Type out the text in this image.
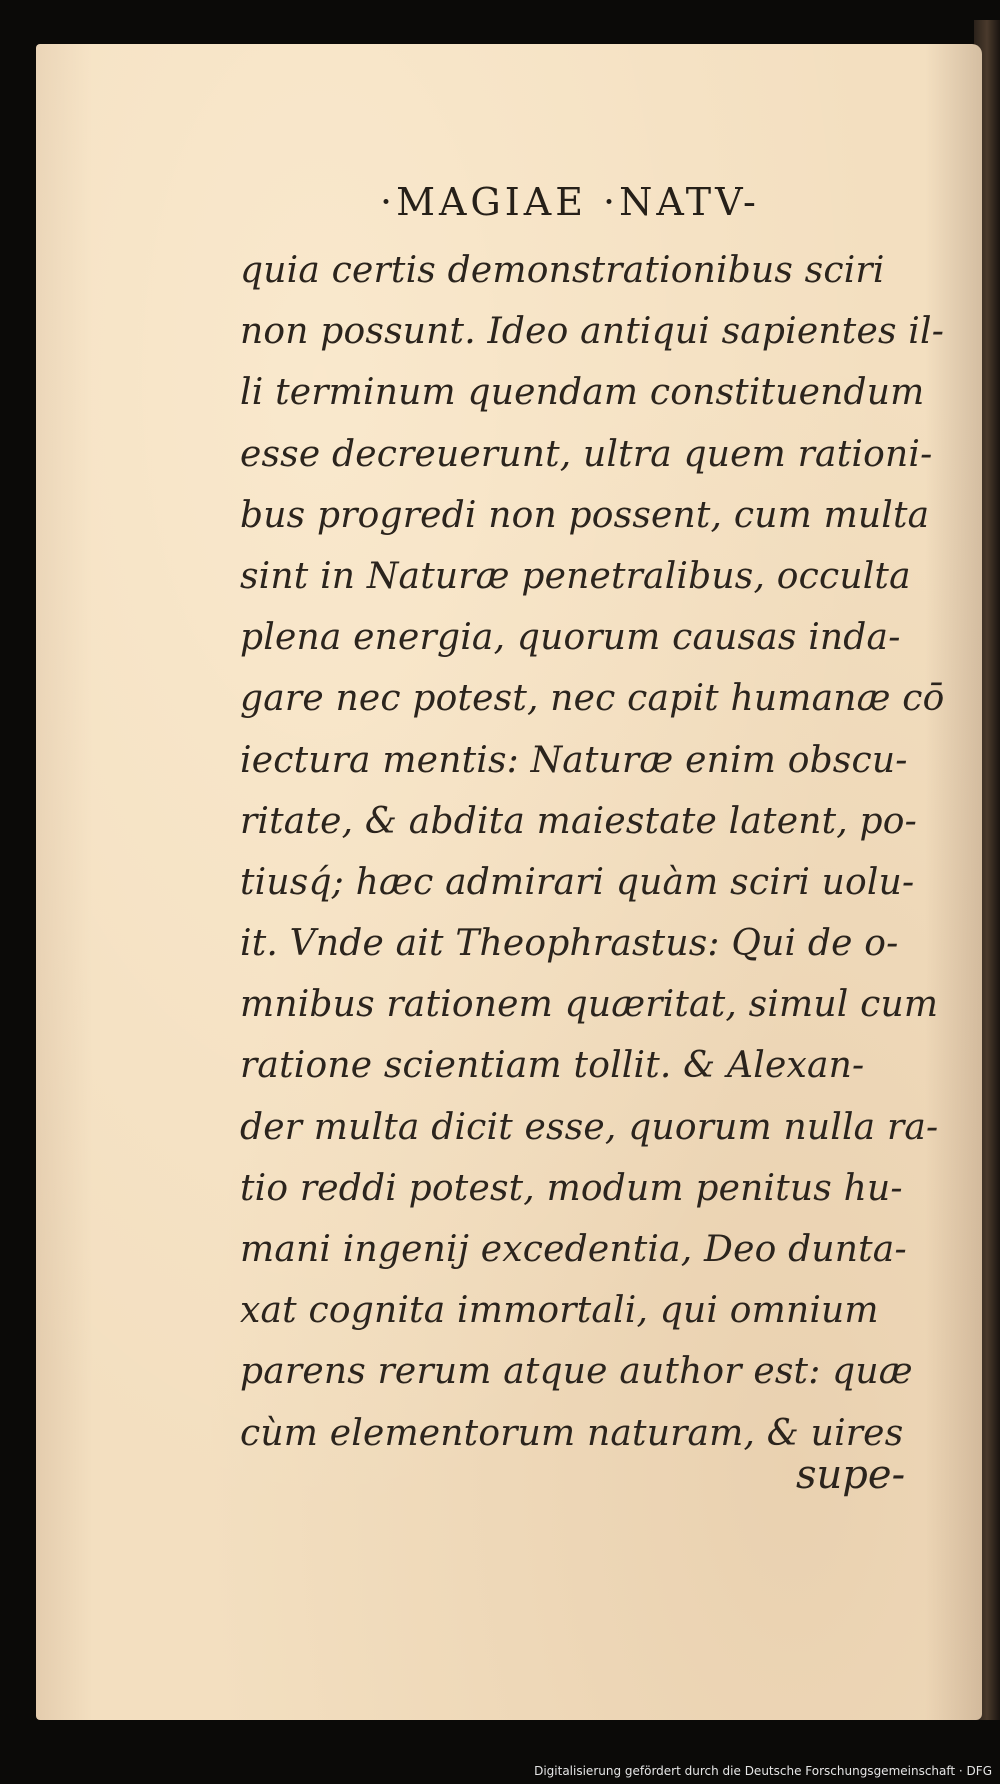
·MAGIAE ·NATV-
quia certis demonstrationibus sciri
non possunt. Ideo antiqui sapientes il-
li terminum quendam constituendum
esse decreuerunt, ultra quem rationi-
bus progredi non possent, cum multa
sint in Naturæ penetralibus, occulta
plena energia, quorum causas inda-
gare nec potest, nec capit humanæ cō
iectura mentis: Naturæ enim obscu-
ritate, & abdita maiestate latent, po-
tiusq́; hæc admirari quàm sciri uolu-
it. Vnde ait Theophrastus: Qui de o-
mnibus rationem quæritat, simul cum
ratione scientiam tollit. & Alexan-
der multa dicit esse, quorum nulla ra-
tio reddi potest, modum penitus hu-
mani ingenij excedentia, Deo dunta-
xat cognita immortali, qui omnium
parens rerum atque author est: quæ
cùm elementorum naturam, & uires
supe-
Digitalisierung gefördert durch die Deutsche Forschungsgemeinschaft · DFG
